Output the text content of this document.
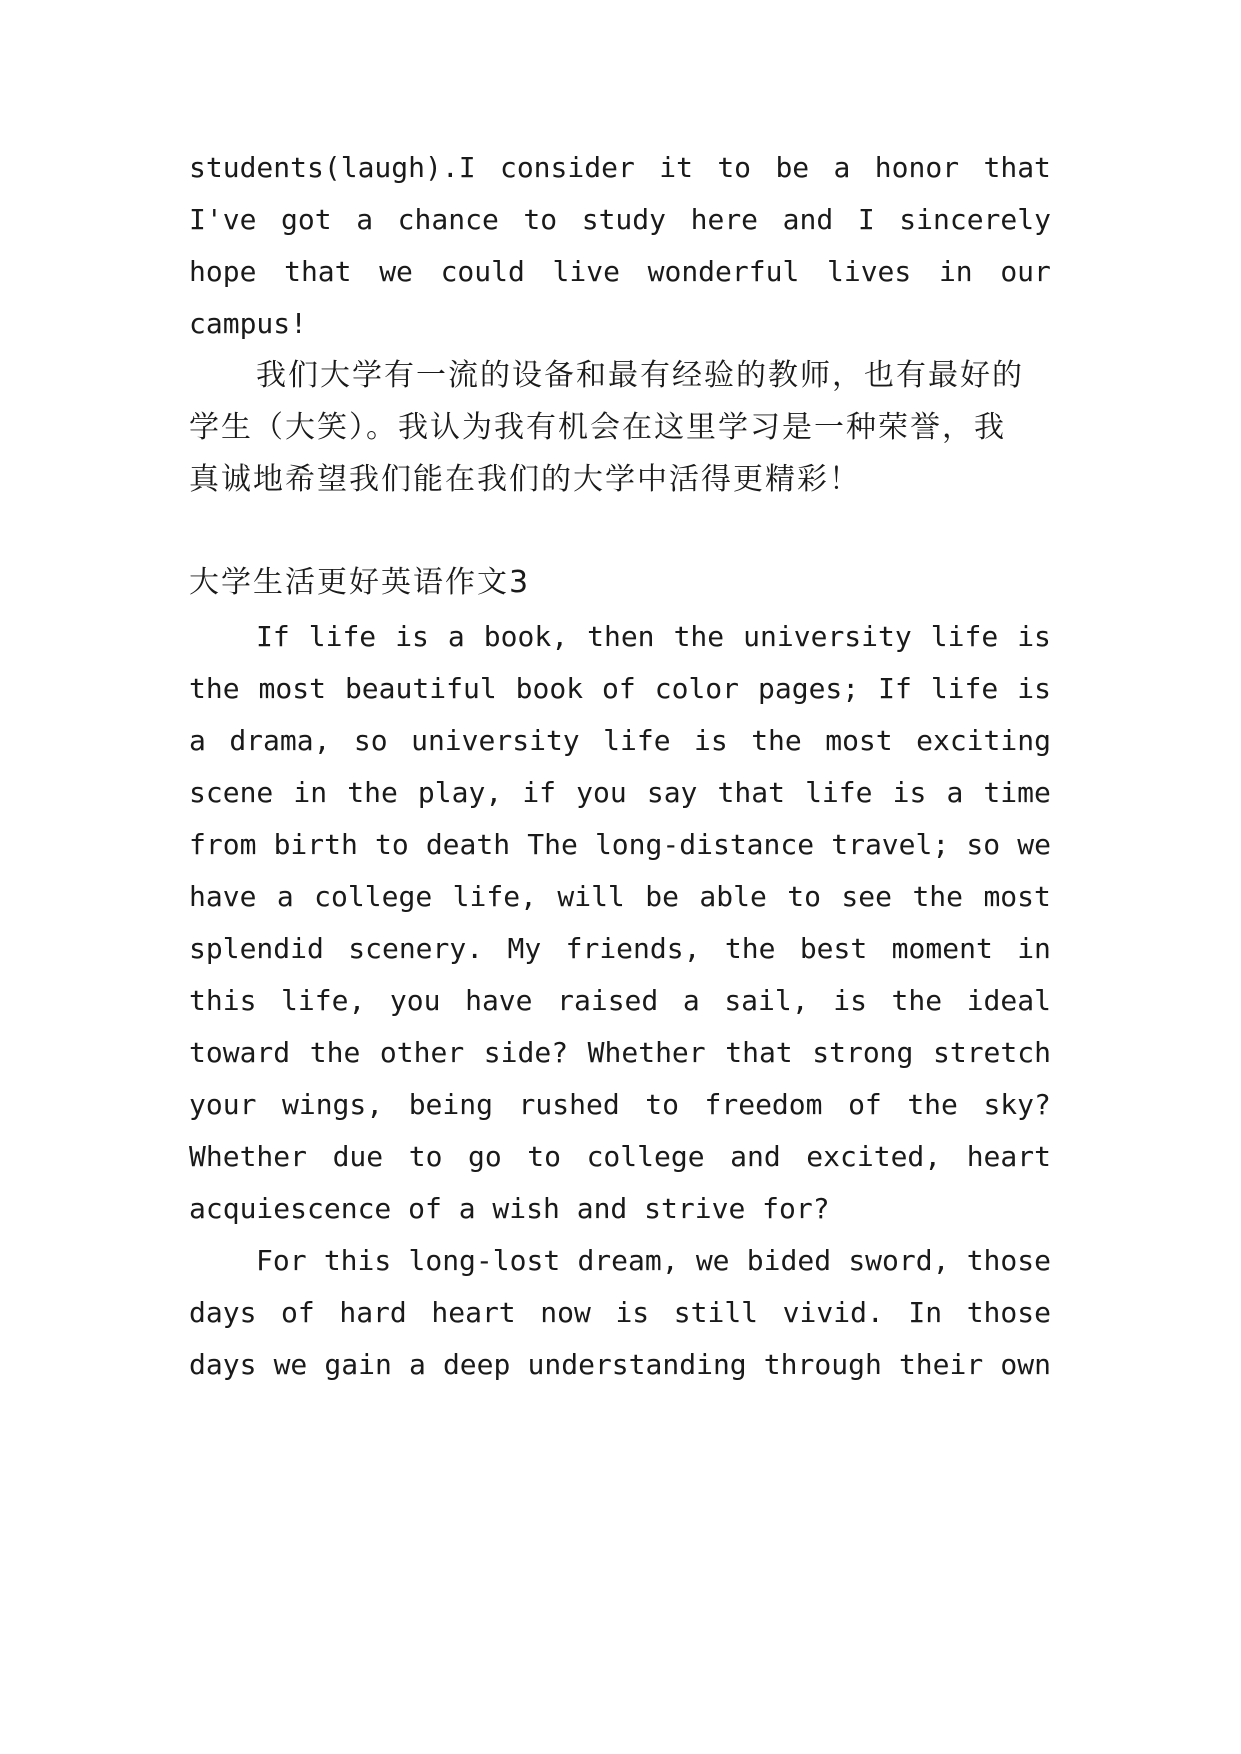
students(laugh).I consider it to be a honor that
I've got a chance to study here and I sincerely
hope that we could live wonderful lives in our
campus!
我们大学有一流的设备和最有经验的教师，也有最好的
学生（大笑）。我认为我有机会在这里学习是一种荣誉，我
真诚地希望我们能在我们的大学中活得更精彩！
大学生活更好英语作文3
If life is a book, then the university life is
the most beautiful book of color pages; If life is
a drama, so university life is the most exciting
scene in the play, if you say that life is a time
from birth to death The long-distance travel; so we
have a college life, will be able to see the most
splendid scenery. My friends, the best moment in
this life, you have raised a sail, is the ideal
toward the other side? Whether that strong stretch
your wings, being rushed to freedom of the sky?
Whether due to go to college and excited, heart
acquiescence of a wish and strive for?
For this long-lost dream, we bided sword, those
days of hard heart now is still vivid. In those
days we gain a deep understanding through their own
